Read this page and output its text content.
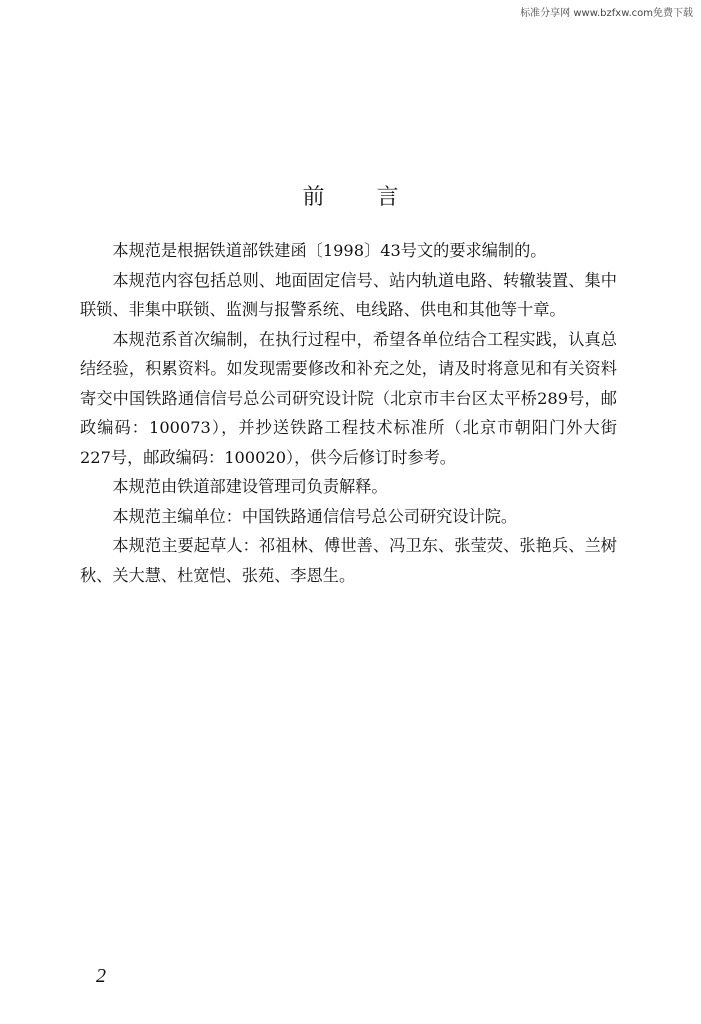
标准分享网 www.bzfxw.com免费下载
前言

本规范是根据铁道部铁建函〔1998〕43号文的要求编制的。

本规范内容包括总则、地面固定信号、站内轨道电路、转辙装置、集中联锁、非集中联锁、监测与报警系统、电线路、供电和其他等十章。

本规范系首次编制，在执行过程中，希望各单位结合工程实践，认真总结经验，积累资料。如发现需要修改和补充之处，请及时将意见和有关资料寄交中国铁路通信信号总公司研究设计院（北京市丰台区太平桥289号，邮政编码：100073），并抄送铁路工程技术标准所（北京市朝阳门外大街227号，邮政编码：100020），供今后修订时参考。

本规范由铁道部建设管理司负责解释。

本规范主编单位：中国铁路通信信号总公司研究设计院。

本规范主要起草人：祁祖林、傅世善、冯卫东、张莹荧、张艳兵、兰树秋、关大慧、杜宽恺、张苑、李恩生。

2
